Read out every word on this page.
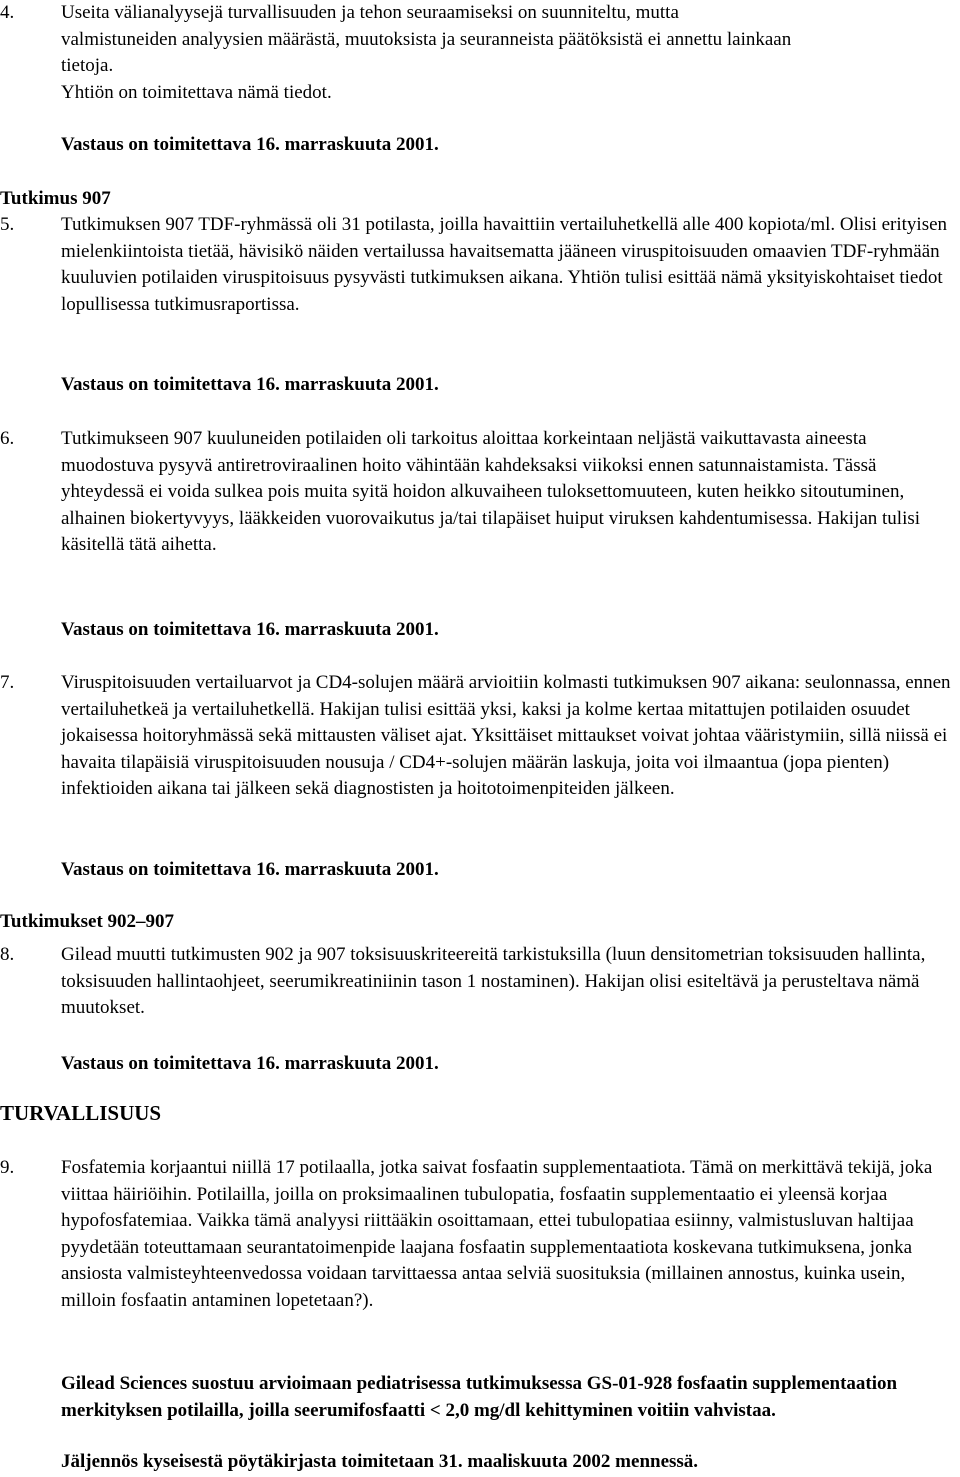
4.	Useita välianalyysejä turvallisuuden ja tehon seuraamiseksi on suunniteltu, mutta
valmistuneiden analyysien määrästä, muutoksista ja seuranneista päätöksistä ei annettu lainkaan
tietoja.
Yhtiön on toimitettava nämä tiedot.
Vastaus on toimitettava 16. marraskuuta 2001.
Tutkimus 907
5.	Tutkimuksen 907 TDF-ryhmässä oli 31 potilasta, joilla havaittiin vertailuhetkellä alle 400 kopiota/ml. Olisi erityisen mielenkiintoista tietää, hävisikö näiden vertailussa havaitsematta jääneen viruspitoisuuden omaavien TDF-ryhmään kuuluvien potilaiden viruspitoisuus pysyvästi tutkimuksen aikana. Yhtiön tulisi esittää nämä yksityiskohtaiset tiedot lopullisessa tutkimusraportissa.
Vastaus on toimitettava 16. marraskuuta 2001.
6.	Tutkimukseen 907 kuuluneiden potilaiden oli tarkoitus aloittaa korkeintaan neljästä vaikuttavasta aineesta muodostuva pysyvä antiretroviraalinen hoito vähintään kahdeksaksi viikoksi ennen satunnaistamista. Tässä yhteydessä ei voida sulkea pois muita syitä hoidon alkuvaiheen tuloksettomuuteen, kuten heikko sitoutuminen, alhainen biokertyvyys, lääkkeiden vuorovaikutus ja/tai tilapäiset huiput viruksen kahdentumisessa. Hakijan tulisi käsitellä tätä aihetta.
Vastaus on toimitettava 16. marraskuuta 2001.
7.	Viruspitoisuuden vertailuarvot ja CD4-solujen määrä arvioitiin kolmasti tutkimuksen 907 aikana: seulonnassa, ennen vertailuhetkeä ja vertailuhetkellä. Hakijan tulisi esittää yksi, kaksi ja kolme kertaa mitattujen potilaiden osuudet jokaisessa hoitoryhmässä sekä mittausten väliset ajat. Yksittäiset mittaukset voivat johtaa vääristymiin, sillä niissä ei havaita tilapäisiä viruspitoisuuden nousuja / CD4+-solujen määrän laskuja, joita voi ilmaantua (jopa pienten) infektioiden aikana tai jälkeen sekä diagnostisten ja hoitotoimenpiteiden jälkeen.
Vastaus on toimitettava 16. marraskuuta 2001.
Tutkimukset 902–907
8.	Gilead muutti tutkimusten 902 ja 907 toksisuuskriteereitä tarkistuksilla (luun densitometrian toksisuuden hallinta, toksisuuden hallintaohjeet, seerumikreatiniinin tason 1 nostaminen). Hakijan olisi esiteltävä ja perusteltava nämä muutokset.
Vastaus on toimitettava 16. marraskuuta 2001.
TURVALLISUUS
9.	Fosfatemia korjaantui niillä 17 potilaalla, jotka saivat fosfaatin supplementaatiota. Tämä on merkittävä tekijä, joka viittaa häiriöihin. Potilailla, joilla on proksimaalinen tubulopatia, fosfaatin supplementaatio ei yleensä korjaa hypofosfatemiaa. Vaikka tämä analyysi riittääkin osoittamaan, ettei tubulopatiaa esiinny, valmistusluvan haltijaa pyydetään toteuttamaan seurantatoimenpide laajana fosfaatin supplementaatiota koskevana tutkimuksena, jonka ansiosta valmisteyhteenvedossa voidaan tarvittaessa antaa selviä suosituksia (millainen annostus, kuinka usein, milloin fosfaatin antaminen lopetetaan?).
Gilead Sciences suostuu arvioimaan pediatrisessa tutkimuksessa GS-01-928 fosfaatin supplementaation merkityksen potilailla, joilla seerumifosfaatti < 2,0 mg/dl kehittyminen voitiin vahvistaa.
Jäljennös kyseisestä pöytäkirjasta toimitetaan 31. maaliskuuta 2002 mennessä.
